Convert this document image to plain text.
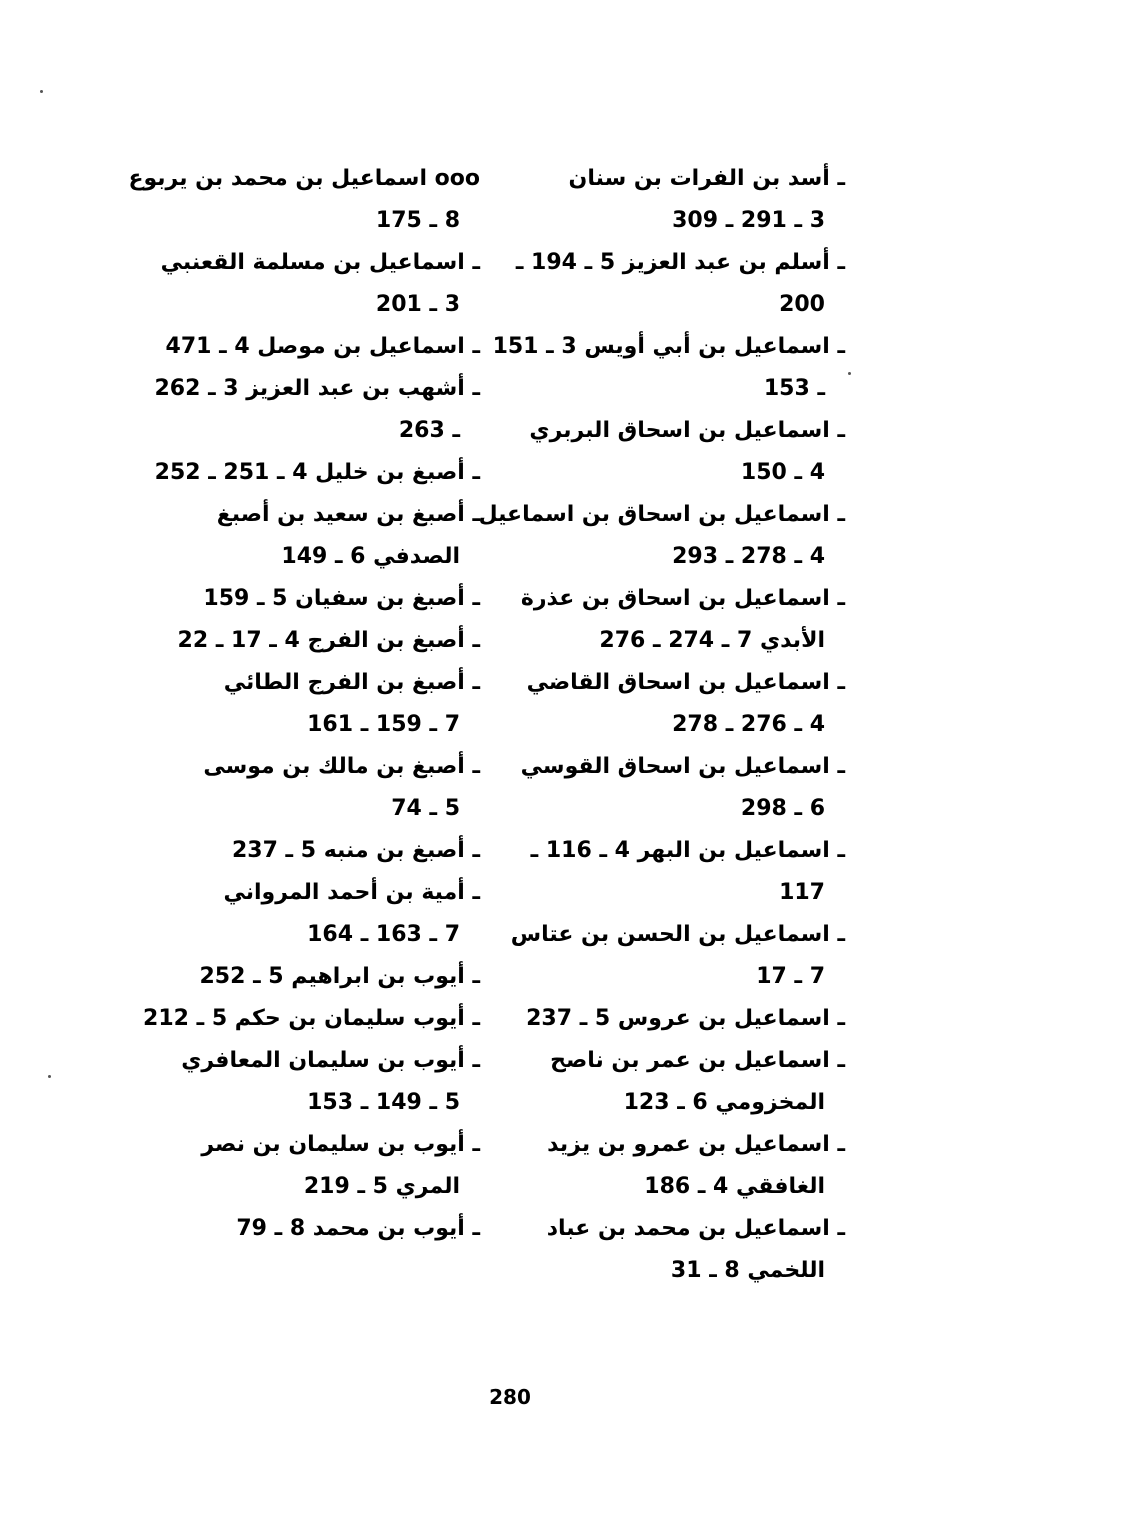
ـ أسد بن الفرات بن سنان
3 ـ 291 ـ 309
ـ أسلم بن عبد العزيز 5 ـ 194 ـ
200
ـ اسماعيل بن أبي أويس 3 ـ 151
ـ 153
ـ اسماعيل بن اسحاق البربري
4 ـ 150
ـ اسماعيل بن اسحاق بن اسماعيل
4 ـ 278 ـ 293
ـ اسماعيل بن اسحاق بن عذرة
الأبدي 7 ـ 274 ـ 276
ـ اسماعيل بن اسحاق القاضي
4 ـ 276 ـ 278
ـ اسماعيل بن اسحاق القوسي
6 ـ 298
ـ اسماعيل بن البهر 4 ـ 116 ـ
117
ـ اسماعيل بن الحسن بن عتاس
7 ـ 17
ـ اسماعيل بن عروس 5 ـ 237
ـ اسماعيل بن عمر بن ناصح
المخزومي 6 ـ 123
ـ اسماعيل بن عمرو بن يزيد
الغافقي 4 ـ 186
ـ اسماعيل بن محمد بن عباد
اللخمي 8 ـ 31
ooo اسماعيل بن محمد بن يربوع
8 ـ 175
ـ اسماعيل بن مسلمة القعنبي
3 ـ 201
ـ اسماعيل بن موصل 4 ـ 471
ـ أشهب بن عبد العزيز 3 ـ 262
ـ 263
ـ أصبغ بن خليل 4 ـ 251 ـ 252
ـ أصبغ بن سعيد بن أصبغ
الصدفي 6 ـ 149
ـ أصبغ بن سفيان 5 ـ 159
ـ أصبغ بن الفرج 4 ـ 17 ـ 22
ـ أصبغ بن الفرج الطائي
7 ـ 159 ـ 161
ـ أصبغ بن مالك بن موسى
5 ـ 74
ـ أصبغ بن منبه 5 ـ 237
ـ أمية بن أحمد المرواني
7 ـ 163 ـ 164
ـ أيوب بن ابراهيم 5 ـ 252
ـ أيوب سليمان بن حكم 5 ـ 212
ـ أيوب بن سليمان المعافري
5 ـ 149 ـ 153
ـ أيوب بن سليمان بن نصر
المري 5 ـ 219
ـ أيوب بن محمد 8 ـ 79
280
